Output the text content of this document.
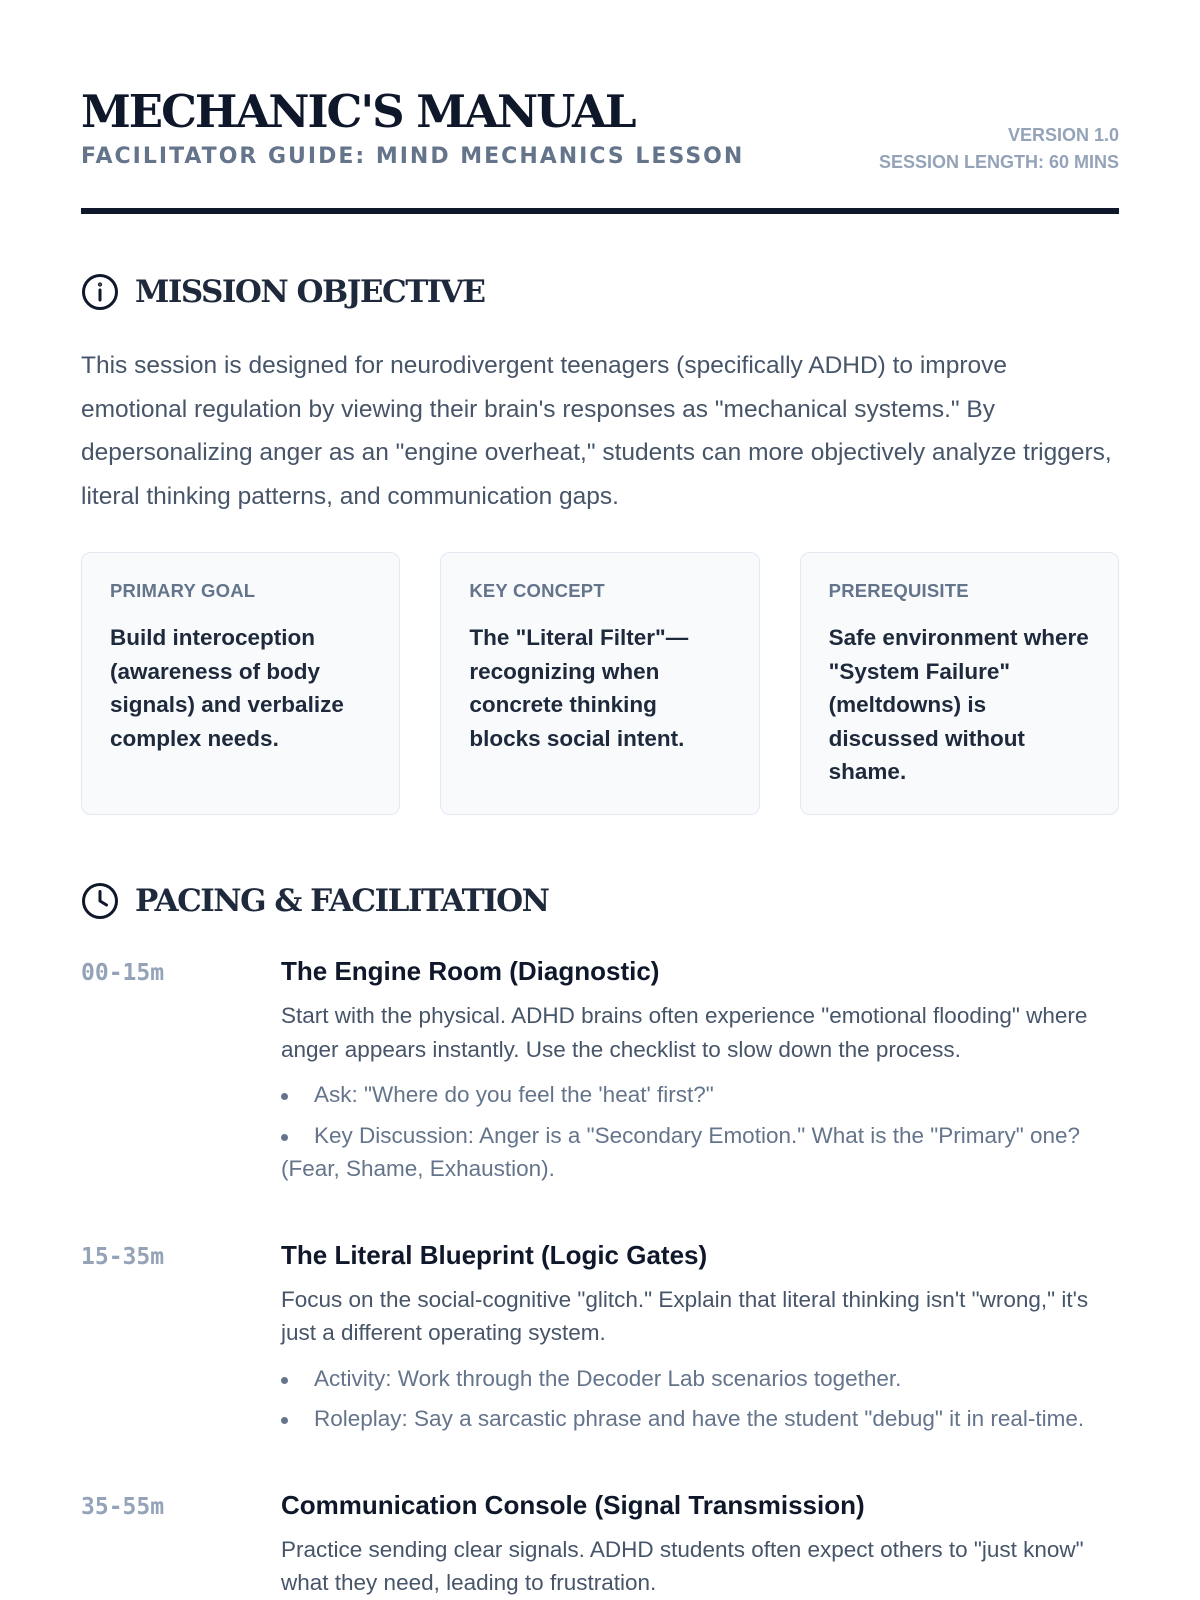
MECHANIC'S MANUAL
FACILITATOR GUIDE: MIND MECHANICS LESSON
VERSION 1.0
SESSION LENGTH: 60 MINS
MISSION OBJECTIVE

This session is designed for neurodivergent teenagers (specifically ADHD) to improve emotional regulation by viewing their brain's responses as "mechanical systems." By depersonalizing anger as an "engine overheat," students can more objectively analyze triggers, literal thinking patterns, and communication gaps.

PRIMARY GOAL
Build interoception (awareness of body signals) and verbalize complex needs.
KEY CONCEPT
The "Literal Filter"—recognizing when concrete thinking blocks social intent.
PREREQUISITE
Safe environment where "System Failure" (meltdowns) is discussed without shame.
PACING & FACILITATION
00-15m	The Engine Room (Diagnostic)
Start with the physical. ADHD brains often experience "emotional flooding" where anger appears instantly. Use the checklist to slow down the process.
Ask: "Where do you feel the 'heat' first?"
Key Discussion: Anger is a "Secondary Emotion." What is the "Primary" one? (Fear, Shame, Exhaustion).
15-35m	The Literal Blueprint (Logic Gates)
Focus on the social-cognitive "glitch." Explain that literal thinking isn't "wrong," it's just a different operating system.
Activity: Work through the Decoder Lab scenarios together.
Roleplay: Say a sarcastic phrase and have the student "debug" it in real-time.
35-55m	Communication Console (Signal Transmission)
Practice sending clear signals. ADHD students often expect others to "just know" what they need, leading to frustration.
